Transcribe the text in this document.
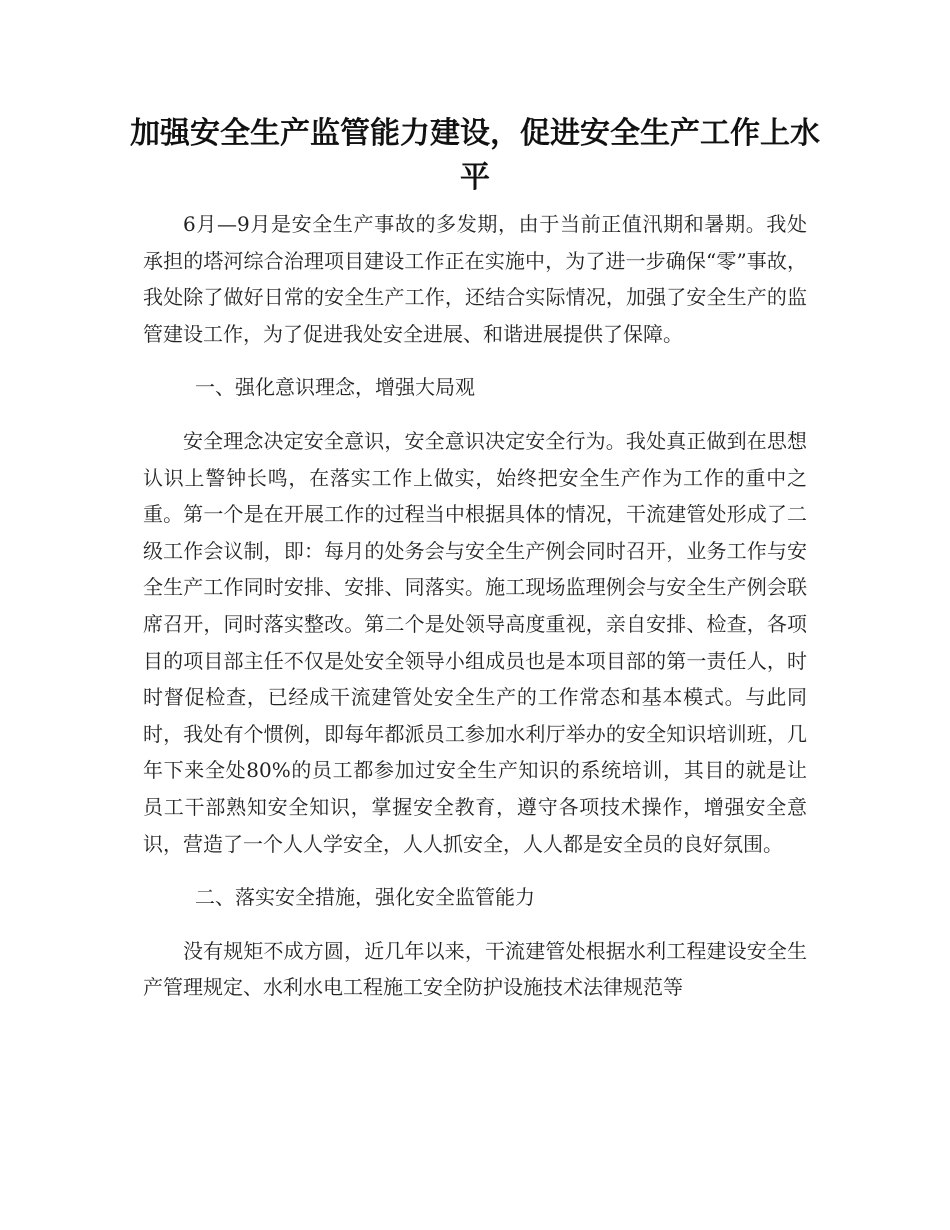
加强安全生产监管能力建设，促进安全生产工作上水平

6月—9月是安全生产事故的多发期，由于当前正值汛期和暑期。我处承担的塔河综合治理项目建设工作正在实施中，为了进一步确保“零”事故，我处除了做好日常的安全生产工作，还结合实际情况，加强了安全生产的监管建设工作，为了促进我处安全进展、和谐进展提供了保障。

一、强化意识理念，增强大局观

安全理念决定安全意识，安全意识决定安全行为。我处真正做到在思想认识上警钟长鸣，在落实工作上做实，始终把安全生产作为工作的重中之重。第一个是在开展工作的过程当中根据具体的情况，干流建管处形成了二级工作会议制，即：每月的处务会与安全生产例会同时召开，业务工作与安全生产工作同时安排、安排、同落实。施工现场监理例会与安全生产例会联席召开，同时落实整改。第二个是处领导高度重视，亲自安排、检查，各项目的项目部主任不仅是处安全领导小组成员也是本项目部的第一责任人，时时督促检查，已经成干流建管处安全生产的工作常态和基本模式。与此同时，我处有个惯例，即每年都派员工参加水利厅举办的安全知识培训班，几年下来全处80%的员工都参加过安全生产知识的系统培训，其目的就是让员工干部熟知安全知识，掌握安全教育，遵守各项技术操作，增强安全意识，营造了一个人人学安全，人人抓安全，人人都是安全员的良好氛围。

二、落实安全措施，强化安全监管能力

没有规矩不成方圆，近几年以来，干流建管处根据水利工程建设安全生产管理规定、水利水电工程施工安全防护设施技术法律规范等
